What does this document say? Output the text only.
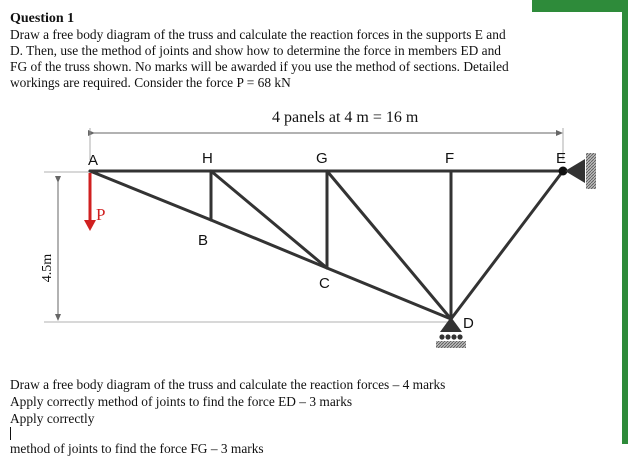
Question 1
Draw a free body diagram of the truss and calculate the reaction forces in the supports E and
D. Then, use the method of joints and show how to determine the force in members ED and
FG of the truss shown. No marks will be awarded if you use the method of sections. Detailed
workings are required. Consider the force P = 68 kN
4 panels at 4 m = 16 m
4.5m
A	H	G	F	E
B
C
D
P
Draw a free body diagram of the truss and calculate the reaction forces – 4 marks
Apply correctly method of joints to find the force ED – 3 marks
Apply correctly
method of joints to find the force FG – 3 marks
